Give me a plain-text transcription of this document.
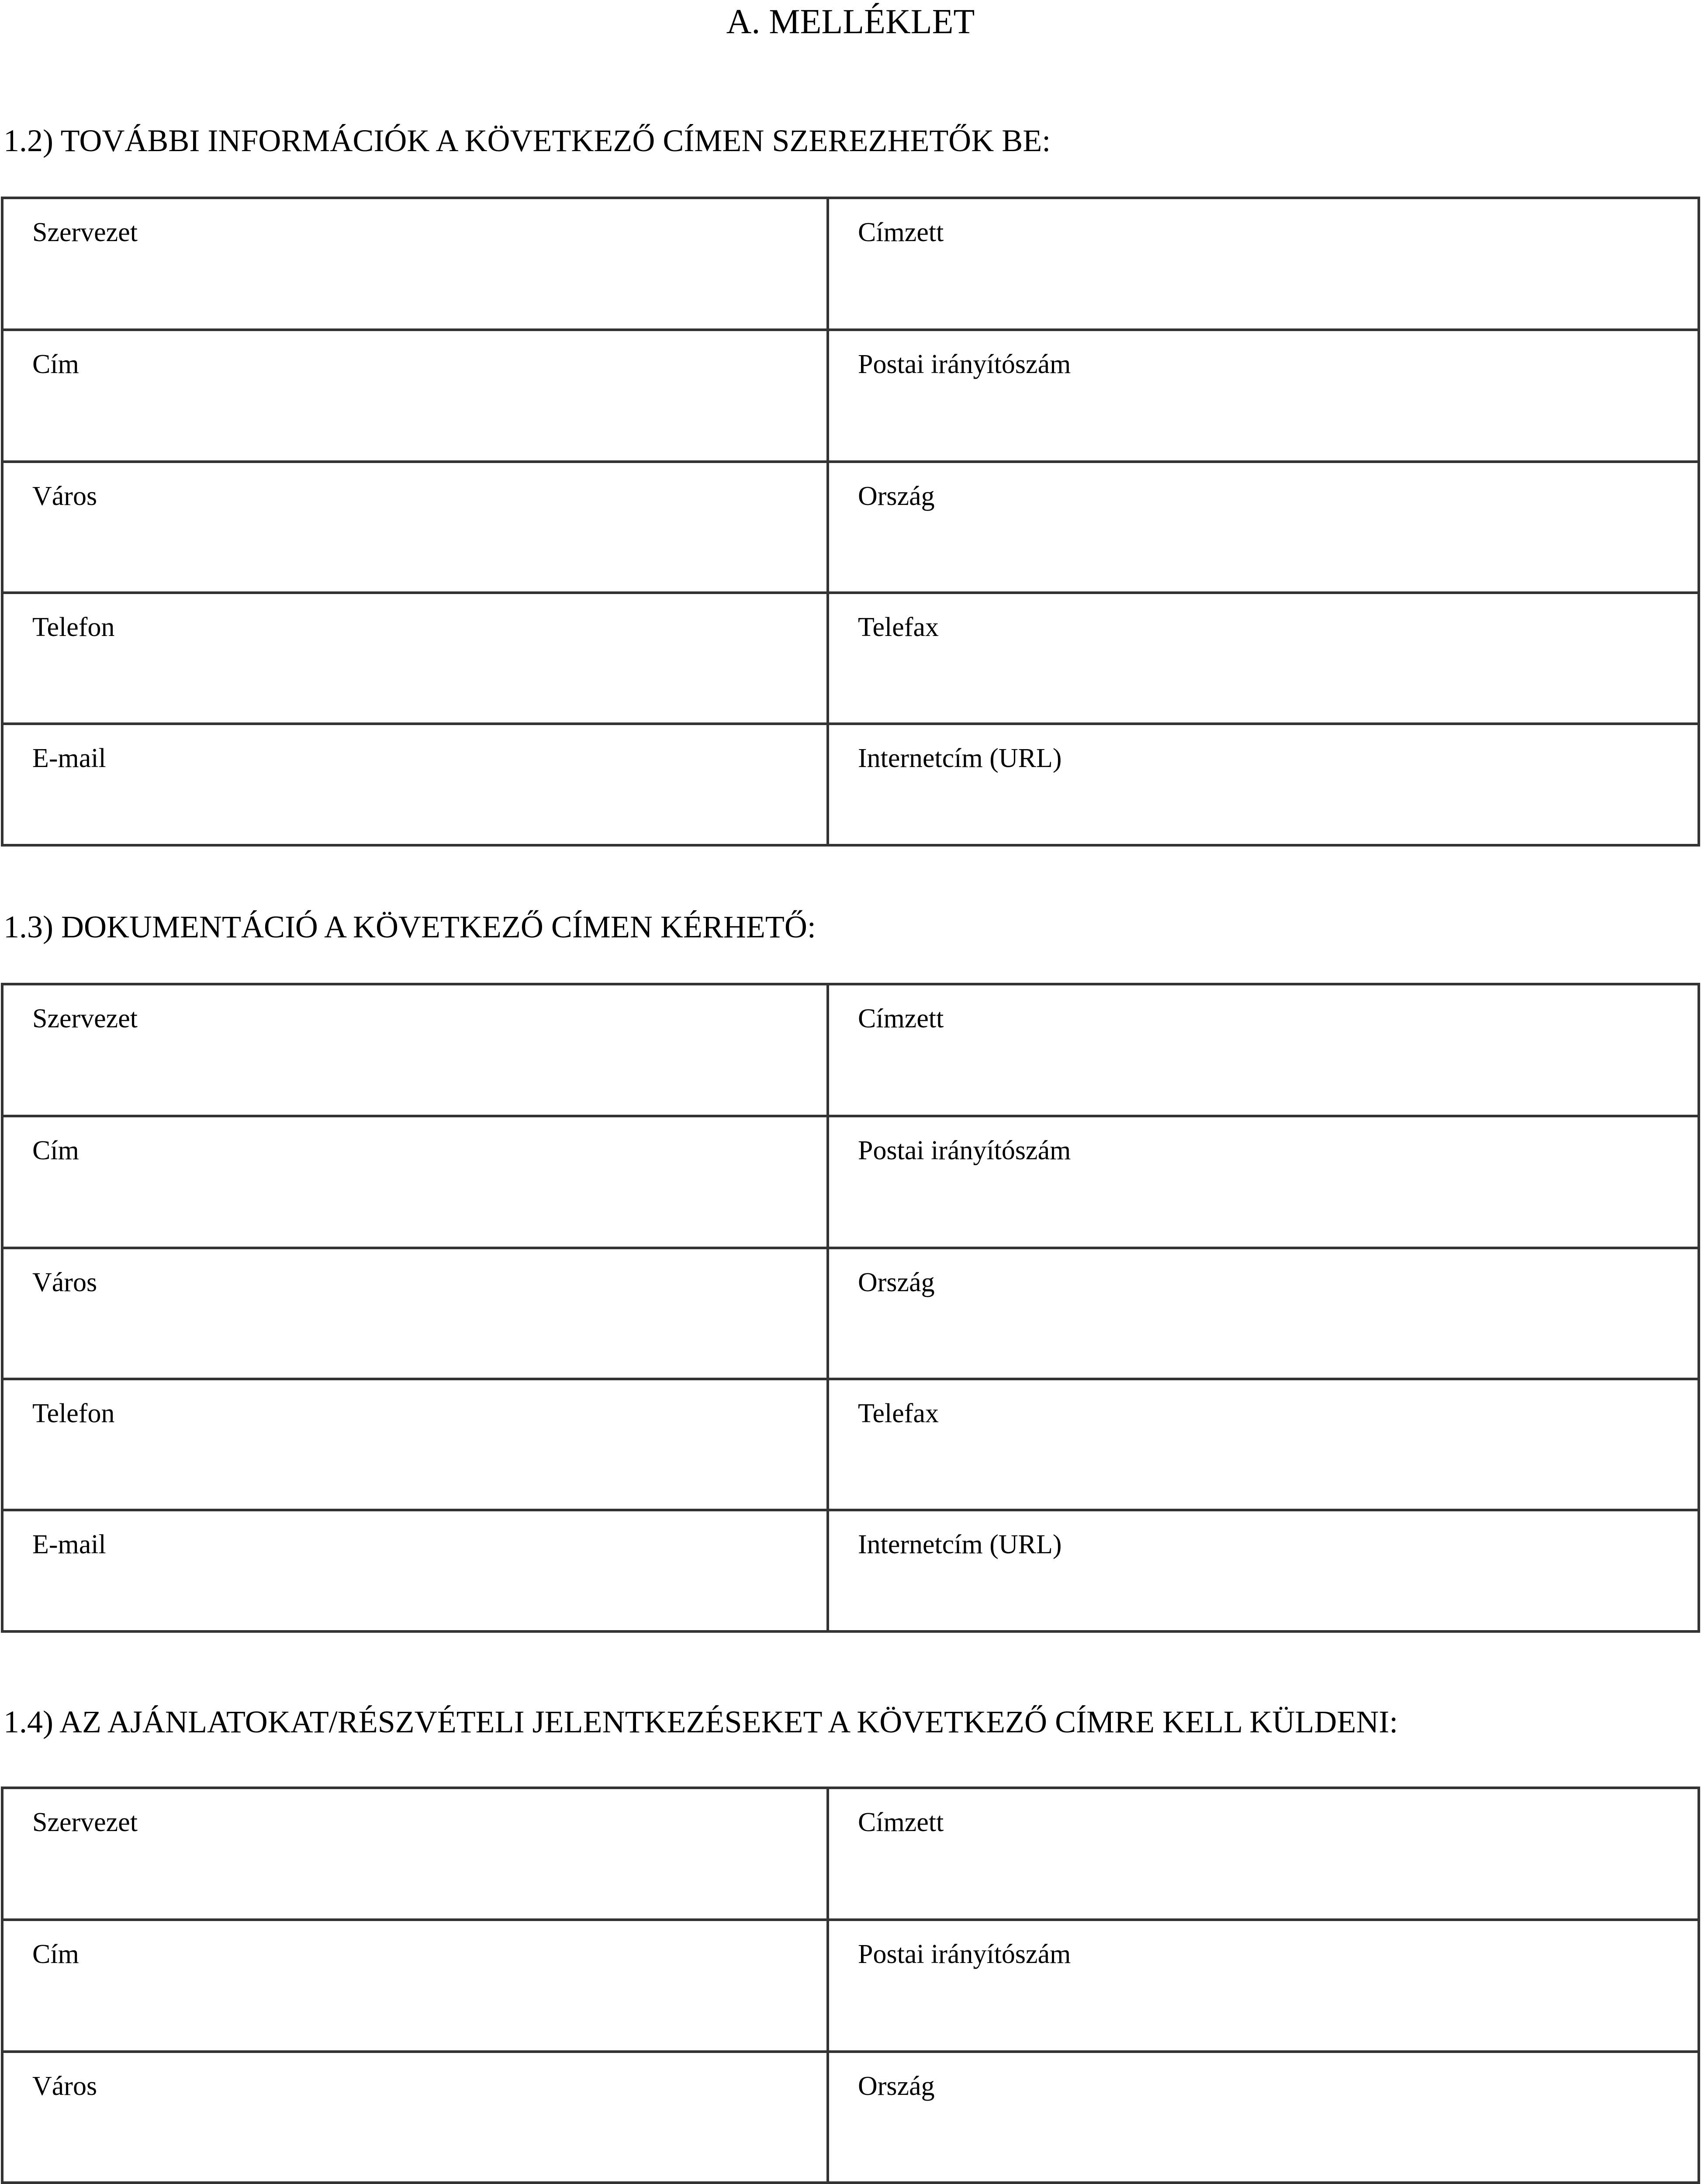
A. MELLÉKLET
1.2) TOVÁBBI INFORMÁCIÓK A KÖVETKEZŐ CÍMEN SZEREZHETŐK BE:
Szervezet	Címzett
Cím	Postai irányítószám
Város	Ország
Telefon	Telefax
E-mail	Internetcím (URL)
1.3) DOKUMENTÁCIÓ A KÖVETKEZŐ CÍMEN KÉRHETŐ:
Szervezet	Címzett
Cím	Postai irányítószám
Város	Ország
Telefon	Telefax
E-mail	Internetcím (URL)
1.4) AZ AJÁNLATOKAT/RÉSZVÉTELI JELENTKEZÉSEKET A KÖVETKEZŐ CÍMRE KELL KÜLDENI:
Szervezet	Címzett
Cím	Postai irányítószám
Város	Ország
